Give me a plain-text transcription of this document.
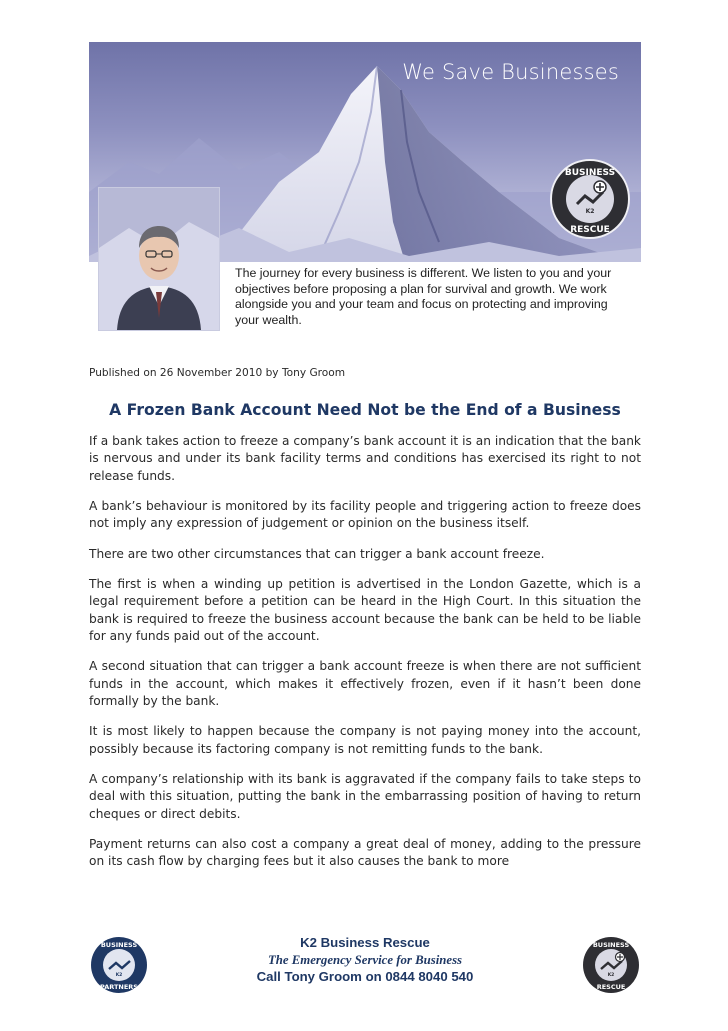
We Save Businesses
BUSINESS
K2
RESCUE
The journey for every business is different. We listen to you and your objectives before proposing a plan for survival and growth. We work alongside you and your team and focus on protecting and improving your wealth.
Published on 26 November 2010 by Tony Groom
A Frozen Bank Account Need Not be the End of a Business

If a bank takes action to freeze a company’s bank account it is an indication that the bank is nervous and under its bank facility terms and conditions has exercised its right to not release funds.

A bank’s behaviour is monitored by its facility people and triggering action to freeze does not imply any expression of judgement or opinion on the business itself.

There are two other circumstances that can trigger a bank account freeze.

The first is when a winding up petition is advertised in the London Gazette, which is a legal requirement before a petition can be heard in the High Court. In this situation the bank is required to freeze the business account because the bank can be held to be liable for any funds paid out of the account.

A second situation that can trigger a bank account freeze is when there are not sufficient funds in the account, which makes it effectively frozen, even if it hasn’t been done formally by the bank.

It is most likely to happen because the company is not paying money into the account, possibly because its factoring company is not remitting funds to the bank.

A company’s relationship with its bank is aggravated if the company fails to take steps to deal with this situation, putting the bank in the embarrassing position of having to return cheques or direct debits.

Payment returns can also cost a company a great deal of money, adding to the pressure on its cash flow by charging fees but it also causes the bank to more

BUSINESS
K2
PARTNERS
K2 Business Rescue
The Emergency Service for Business
Call Tony Groom on 0844 8040 540
BUSINESS
K2
RESCUE
